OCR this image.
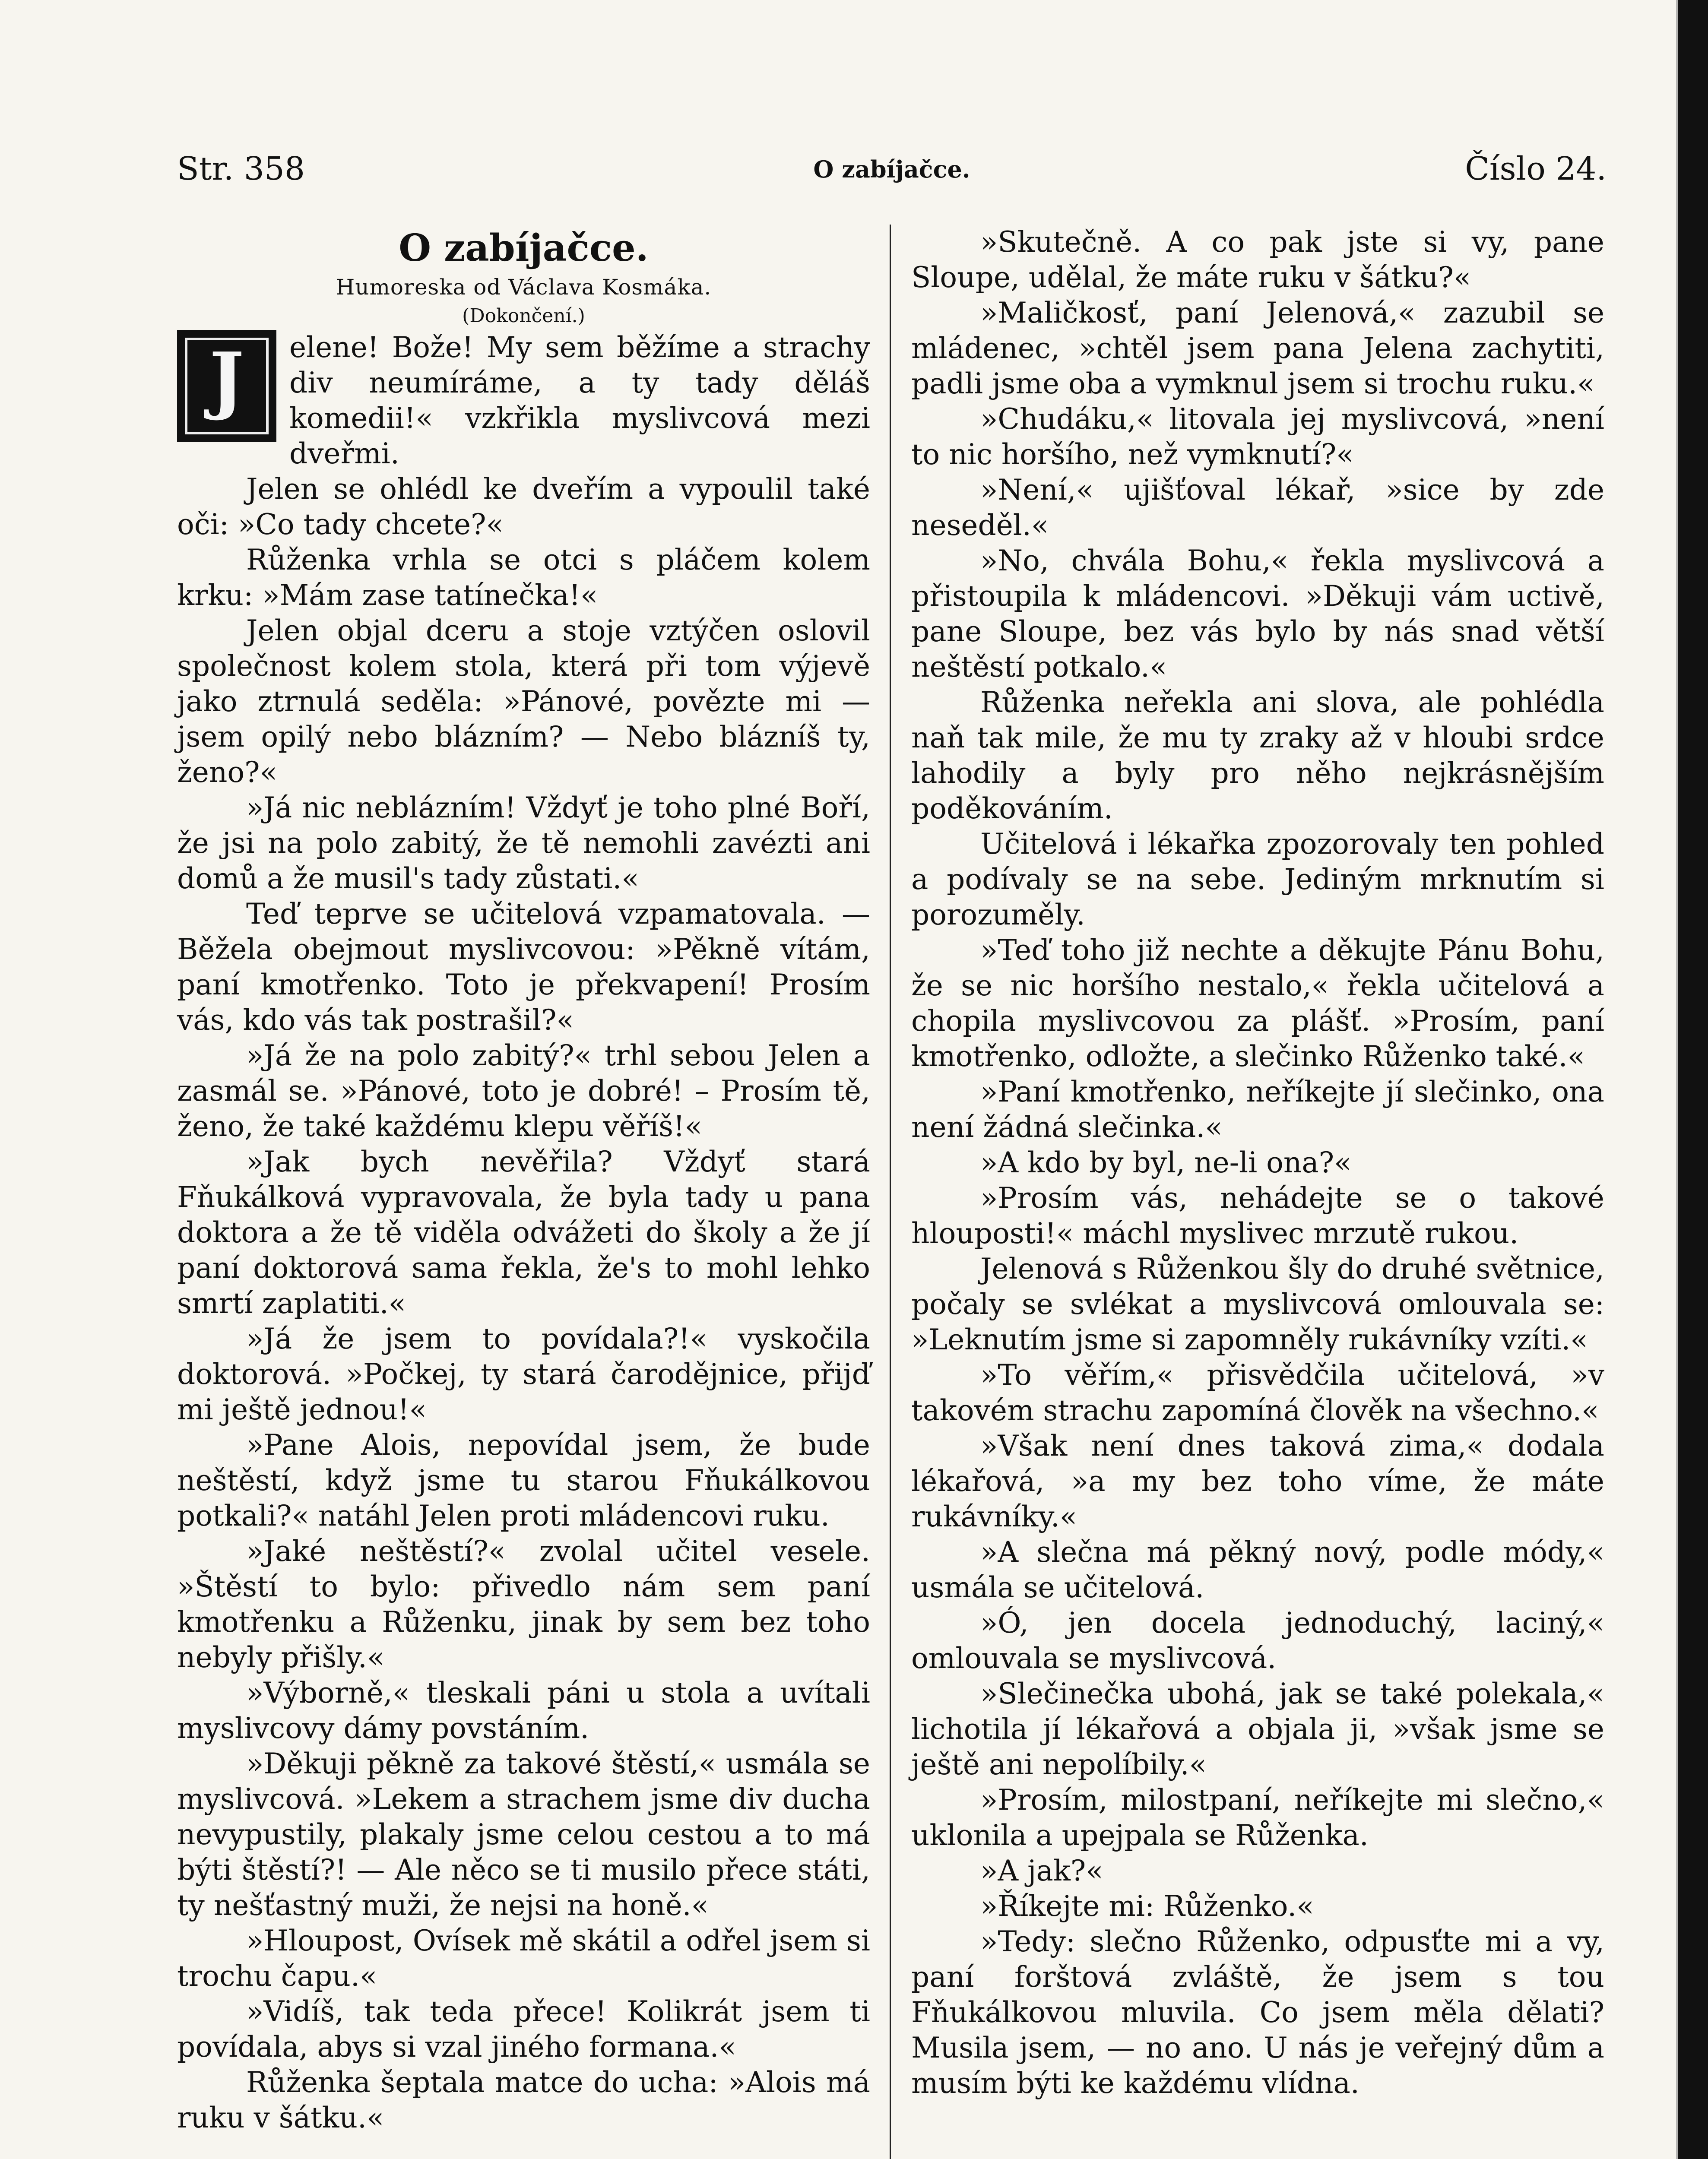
Str. 358	O zabíjačce.	Číslo 24.

O zabíjačce.

Humoreska od Václava Kosmáka.

(Dokončení.)

J	elene! Bože! My sem běžíme a strachy div neumíráme, a ty tady děláš komedii!« vzkřikla myslivcová mezi dveřmi.

Jelen se ohlédl ke dveřím a vypoulil také oči: »Co tady chcete?«

Růženka vrhla se otci s pláčem kolem krku: »Mám zase tatínečka!«

Jelen objal dceru a stoje vztýčen oslovil společnost kolem stola, která při tom výjevě jako ztrnulá seděla: »Pánové, povězte mi — jsem opilý nebo blázním? — Nebo blázníš ty, ženo?«

»Já nic neblázním! Vždyť je toho plné Boří, že jsi na polo zabitý, že tě nemohli zavézti ani domů a že musil's tady zůstati.«

Teď teprve se učitelová vzpamatovala. — Běžela obejmout myslivcovou: »Pěkně vítám, paní kmotřenko. Toto je překvapení! Prosím vás, kdo vás tak postrašil?«

»Já že na polo zabitý?« trhl sebou Jelen a zasmál se. »Pánové, toto je dobré! – Prosím tě, ženo, že také každému klepu věříš!«

»Jak bych nevěřila? Vždyť stará Fňukálková vypravovala, že byla tady u pana doktora a že tě viděla odvážeti do školy a že jí paní doktorová sama řekla, že's to mohl lehko smrtí zaplatiti.«

»Já že jsem to povídala?!« vyskočila doktorová. »Počkej, ty stará čarodějnice, přijď mi ještě jednou!«

»Pane Alois, nepovídal jsem, že bude neštěstí, když jsme tu starou Fňukálkovou potkali?« natáhl Jelen proti mládencovi ruku.

»Jaké neštěstí?« zvolal učitel vesele. »Štěstí to bylo: přivedlo nám sem paní kmotřenku a Růženku, jinak by sem bez toho nebyly přišly.«

»Výborně,« tleskali páni u stola a uvítali myslivcovy dámy povstáním.

»Děkuji pěkně za takové štěstí,« usmála se myslivcová. »Lekem a strachem jsme div ducha nevypustily, plakaly jsme celou cestou a to má býti štěstí?! — Ale něco se ti musilo přece státi, ty nešťastný muži, že nejsi na honě.«

»Hloupost, Ovísek mě skátil a odřel jsem si trochu čapu.«

»Vidíš, tak teda přece! Kolikrát jsem ti povídala, abys si vzal jiného formana.«

Růženka šeptala matce do ucha: »Alois má ruku v šátku.«

»Skutečně. A co pak jste si vy, pane Sloupe, udělal, že máte ruku v šátku?«

»Maličkosť, paní Jelenová,« zazubil se mládenec, »chtěl jsem pana Jelena zachytiti, padli jsme oba a vymknul jsem si trochu ruku.«

»Chudáku,« litovala jej myslivcová, »není to nic horšího, než vymknutí?«

»Není,« ujišťoval lékař, »sice by zde neseděl.«

»No, chvála Bohu,« řekla myslivcová a přistoupila k mládencovi. »Děkuji vám uctivě, pane Sloupe, bez vás bylo by nás snad větší neštěstí potkalo.«

Růženka neřekla ani slova, ale pohlédla naň tak mile, že mu ty zraky až v hloubi srdce lahodily a byly pro něho nejkrásnějším poděkováním.

Učitelová i lékařka zpozorovaly ten pohled a podívaly se na sebe. Jediným mrknutím si porozuměly.

»Teď toho již nechte a děkujte Pánu Bohu, že se nic horšího nestalo,« řekla učitelová a chopila myslivcovou za plášť. »Prosím, paní kmotřenko, odložte, a slečinko Růženko také.«

»Paní kmotřenko, neříkejte jí slečinko, ona není žádná slečinka.«

»A kdo by byl, ne-li ona?«

»Prosím vás, nehádejte se o takové hlouposti!« máchl myslivec mrzutě rukou.

Jelenová s Růženkou šly do druhé světnice, počaly se svlékat a myslivcová omlouvala se: »Leknutím jsme si zapomněly rukávníky vzíti.«

»To věřím,« přisvědčila učitelová, »v takovém strachu zapomíná člověk na všechno.«

»Však není dnes taková zima,« dodala lékařová, »a my bez toho víme, že máte rukávníky.«

»A slečna má pěkný nový, podle módy,« usmála se učitelová.

»Ó, jen docela jednoduchý, laciný,« omlouvala se myslivcová.

»Slečinečka ubohá, jak se také polekala,« lichotila jí lékařová a objala ji, »však jsme se ještě ani nepolíbily.«

»Prosím, milostpaní, neříkejte mi slečno,« uklonila a upejpala se Růženka.

»A jak?«

»Říkejte mi: Růženko.«

»Tedy: slečno Růženko, odpusťte mi a vy, paní forštová zvláště, že jsem s tou Fňukálkovou mluvila. Co jsem měla dělati? Musila jsem, — no ano. U nás je veřejný dům a musím býti ke každému vlídna.
